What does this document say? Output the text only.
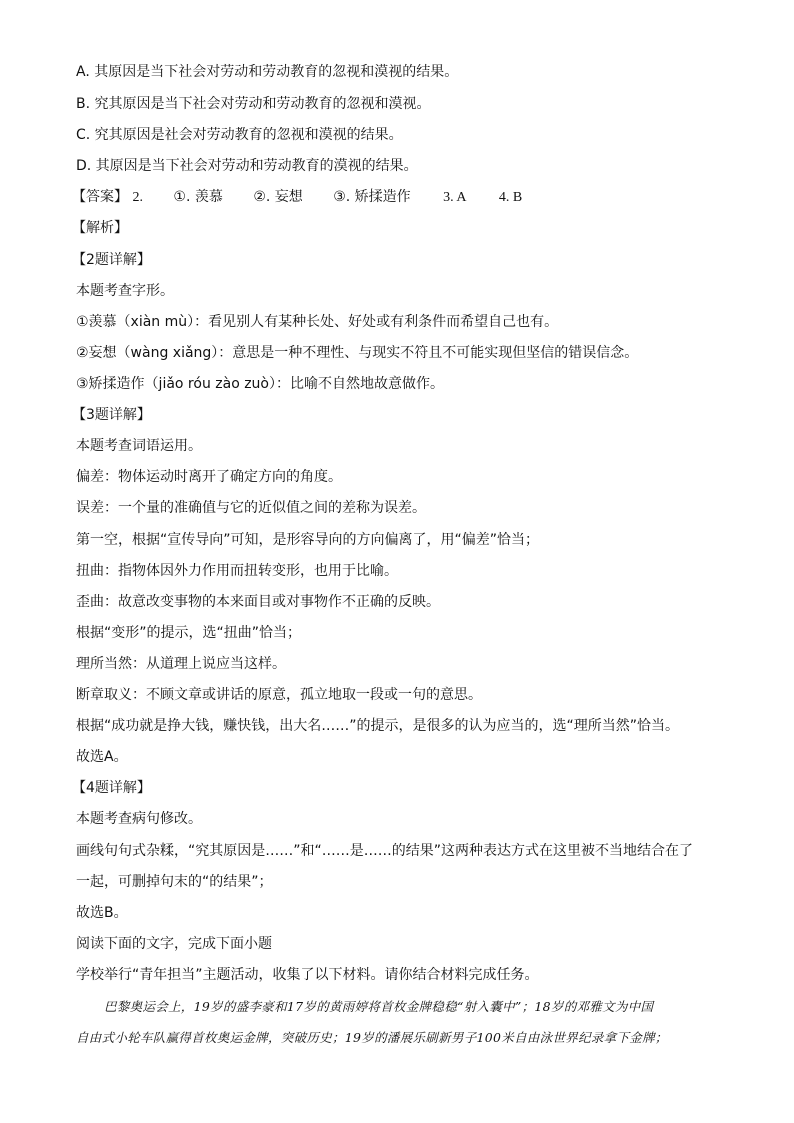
A. 其原因是当下社会对劳动和劳动教育的忽视和漠视的结果。
B. 究其原因是当下社会对劳动和劳动教育的忽视和漠视。
C. 究其原因是社会对劳动教育的忽视和漠视的结果。
D. 其原因是当下社会对劳动和劳动教育的漠视的结果。
【答案】 2. ①. 羡慕 ②. 妄想 ③. 矫揉造作 3. A 4. B
【解析】
【2题详解】
本题考查字形。
①羡慕（xiàn mù）：看见别人有某种长处、好处或有利条件而希望自己也有。
②妄想（wàng xiǎng）：意思是一种不理性、与现实不符且不可能实现但坚信的错误信念。
③矫揉造作（jiǎo róu zào zuò）：比喻不自然地故意做作。
【3题详解】
本题考查词语运用。
偏差：物体运动时离开了确定方向的角度。
误差：一个量的准确值与它的近似值之间的差称为误差。
第一空，根据“宣传导向”可知，是形容导向的方向偏离了，用“偏差”恰当；
扭曲：指物体因外力作用而扭转变形，也用于比喻。
歪曲：故意改变事物的本来面目或对事物作不正确的反映。
根据“变形”的提示，选“扭曲”恰当；
理所当然：从道理上说应当这样。
断章取义：不顾文章或讲话的原意，孤立地取一段或一句的意思。
根据“成功就是挣大钱，赚快钱，出大名……”的提示，是很多的认为应当的，选“理所当然”恰当。
故选A。
【4题详解】
本题考查病句修改。
画线句句式杂糅，“究其原因是……”和“……是……的结果”这两种表达方式在这里被不当地结合在了
一起，可删掉句末的“的结果”；
故选B。
阅读下面的文字，完成下面小题
学校举行“青年担当”主题活动，收集了以下材料。请你结合材料完成任务。
巴黎奥运会上，19岁的盛李豪和17岁的黄雨婷将首枚金牌稳稳“射入囊中”；18岁的邓雅文为中国
自由式小轮车队赢得首枚奥运金牌，突破历史；19岁的潘展乐刷新男子100米自由泳世界纪录拿下金牌；
